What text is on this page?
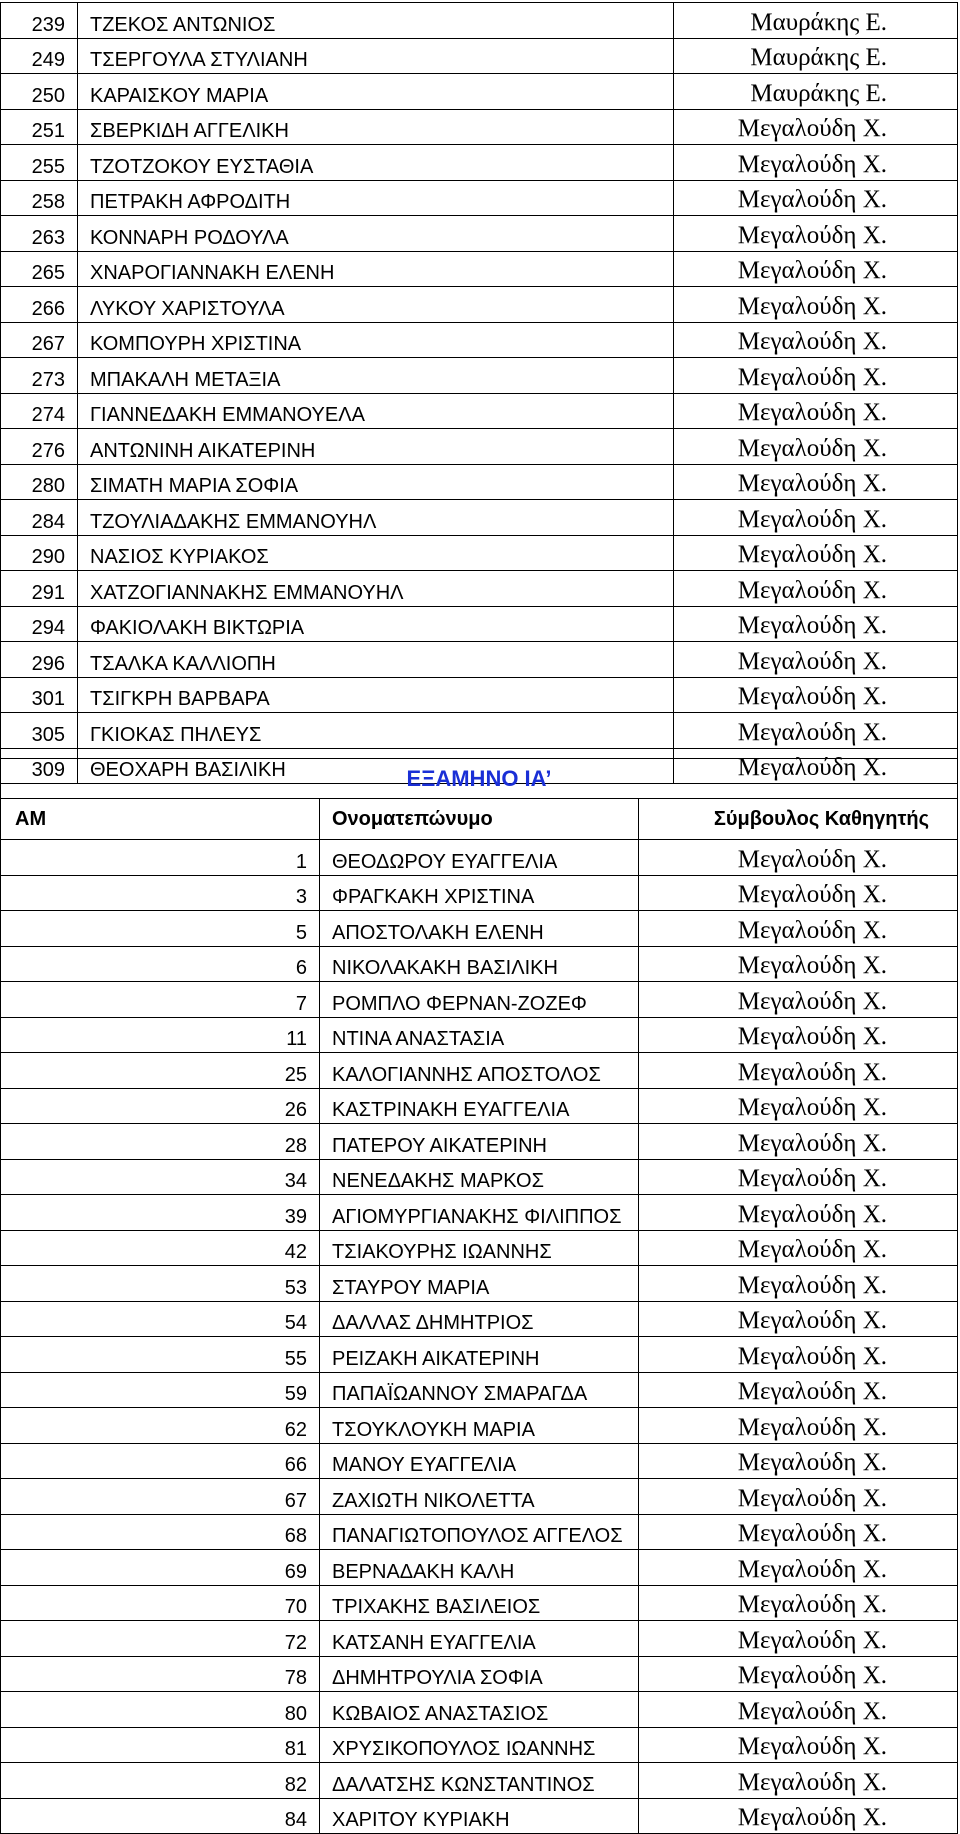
239	ΤΖΕΚΟΣ ΑΝΤΩΝΙΟΣ	Μαυράκης Ε.
249	ΤΣΕΡΓΟΥΛΑ ΣΤΥΛΙΑΝΗ	Μαυράκης Ε.
250	ΚΑΡΑΙΣΚΟΥ ΜΑΡΙΑ	Μαυράκης Ε.
251	ΣΒΕΡΚΙΔΗ ΑΓΓΕΛΙΚΗ	Μεγαλούδη Χ.
255	ΤΖΟΤΖΟΚΟΥ ΕΥΣΤΑΘΙΑ	Μεγαλούδη Χ.
258	ΠΕΤΡΑΚΗ ΑΦΡΟΔΙΤΗ	Μεγαλούδη Χ.
263	ΚΟΝΝΑΡΗ ΡΟΔΟΥΛΑ	Μεγαλούδη Χ.
265	ΧΝΑΡΟΓΙΑΝΝΑΚΗ ΕΛΕΝΗ	Μεγαλούδη Χ.
266	ΛΥΚΟΥ ΧΑΡΙΣΤΟΥΛΑ	Μεγαλούδη Χ.
267	ΚΟΜΠΟΥΡΗ ΧΡΙΣΤΙΝΑ	Μεγαλούδη Χ.
273	ΜΠΑΚΑΛΗ ΜΕΤΑΞΙΑ	Μεγαλούδη Χ.
274	ΓΙΑΝΝΕΔΑΚΗ ΕΜΜΑΝΟΥΕΛΑ	Μεγαλούδη Χ.
276	ΑΝΤΩΝΙΝΗ ΑΙΚΑΤΕΡΙΝΗ	Μεγαλούδη Χ.
280	ΣΙΜΑΤΗ ΜΑΡΙΑ ΣΟΦΙΑ	Μεγαλούδη Χ.
284	ΤΖΟΥΛΙΑΔΑΚΗΣ ΕΜΜΑΝΟΥΗΛ	Μεγαλούδη Χ.
290	ΝΑΣΙΟΣ ΚΥΡΙΑΚΟΣ	Μεγαλούδη Χ.
291	ΧΑΤΖΟΓΙΑΝΝΑΚΗΣ ΕΜΜΑΝΟΥΗΛ	Μεγαλούδη Χ.
294	ΦΑΚΙΟΛΑΚΗ ΒΙΚΤΩΡΙΑ	Μεγαλούδη Χ.
296	ΤΣΑΛΚΑ ΚΑΛΛΙΟΠΗ	Μεγαλούδη Χ.
301	ΤΣΙΓΚΡΗ ΒΑΡΒΑΡΑ	Μεγαλούδη Χ.
305	ΓΚΙΟΚΑΣ ΠΗΛΕΥΣ	Μεγαλούδη Χ.
309	ΘΕΟΧΑΡΗ ΒΑΣΙΛΙΚΗ	Μεγαλούδη Χ.
ΕΞΑΜΗΝΟ ΙΑ’		
ΑΜ	Ονοματεπώνυμο	Σύμβουλος Καθηγητής
1	ΘΕΟΔΩΡΟΥ ΕΥΑΓΓΕΛΙΑ	Μεγαλούδη Χ.
3	ΦΡΑΓΚΑΚΗ ΧΡΙΣΤΙΝΑ	Μεγαλούδη Χ.
5	ΑΠΟΣΤΟΛΑΚΗ ΕΛΕΝΗ	Μεγαλούδη Χ.
6	ΝΙΚΟΛΑΚΑΚΗ ΒΑΣΙΛΙΚΗ	Μεγαλούδη Χ.
7	ΡΟΜΠΛΟ ΦΕΡΝΑΝ-ΖΟΖΕΦ	Μεγαλούδη Χ.
11	ΝΤΙΝΑ ΑΝΑΣΤΑΣΙΑ	Μεγαλούδη Χ.
25	ΚΑΛΟΓΙΑΝΝΗΣ ΑΠΟΣΤΟΛΟΣ	Μεγαλούδη Χ.
26	ΚΑΣΤΡΙΝΑΚΗ ΕΥΑΓΓΕΛΙΑ	Μεγαλούδη Χ.
28	ΠΑΤΕΡΟΥ ΑΙΚΑΤΕΡΙΝΗ	Μεγαλούδη Χ.
34	ΝΕΝΕΔΑΚΗΣ ΜΑΡΚΟΣ	Μεγαλούδη Χ.
39	ΑΓΙΟΜΥΡΓΙΑΝΑΚΗΣ ΦΙΛΙΠΠΟΣ	Μεγαλούδη Χ.
42	ΤΣΙΑΚΟΥΡΗΣ ΙΩΑΝΝΗΣ	Μεγαλούδη Χ.
53	ΣΤΑΥΡΟΥ ΜΑΡΙΑ	Μεγαλούδη Χ.
54	ΔΑΛΛΑΣ ΔΗΜΗΤΡΙΟΣ	Μεγαλούδη Χ.
55	ΡΕΙΖΑΚΗ ΑΙΚΑΤΕΡΙΝΗ	Μεγαλούδη Χ.
59	ΠΑΠΑΪΩΑΝΝΟΥ ΣΜΑΡΑΓΔΑ	Μεγαλούδη Χ.
62	ΤΣΟΥΚΛΟΥΚΗ ΜΑΡΙΑ	Μεγαλούδη Χ.
66	ΜΑΝΟΥ ΕΥΑΓΓΕΛΙΑ	Μεγαλούδη Χ.
67	ΖΑΧΙΩΤΗ ΝΙΚΟΛΕΤΤΑ	Μεγαλούδη Χ.
68	ΠΑΝΑΓΙΩΤΟΠΟΥΛΟΣ ΑΓΓΕΛΟΣ	Μεγαλούδη Χ.
69	ΒΕΡΝΑΔΑΚΗ ΚΑΛΗ	Μεγαλούδη Χ.
70	ΤΡΙΧΑΚΗΣ ΒΑΣΙΛΕΙΟΣ	Μεγαλούδη Χ.
72	ΚΑΤΣΑΝΗ ΕΥΑΓΓΕΛΙΑ	Μεγαλούδη Χ.
78	ΔΗΜΗΤΡΟΥΛΙΑ ΣΟΦΙΑ	Μεγαλούδη Χ.
80	ΚΩΒΑΙΟΣ ΑΝΑΣΤΑΣΙΟΣ	Μεγαλούδη Χ.
81	ΧΡΥΣΙΚΟΠΟΥΛΟΣ ΙΩΑΝΝΗΣ	Μεγαλούδη Χ.
82	ΔΑΛΑΤΣΗΣ ΚΩΝΣΤΑΝΤΙΝΟΣ	Μεγαλούδη Χ.
84	ΧΑΡΙΤΟΥ ΚΥΡΙΑΚΗ	Μεγαλούδη Χ.
